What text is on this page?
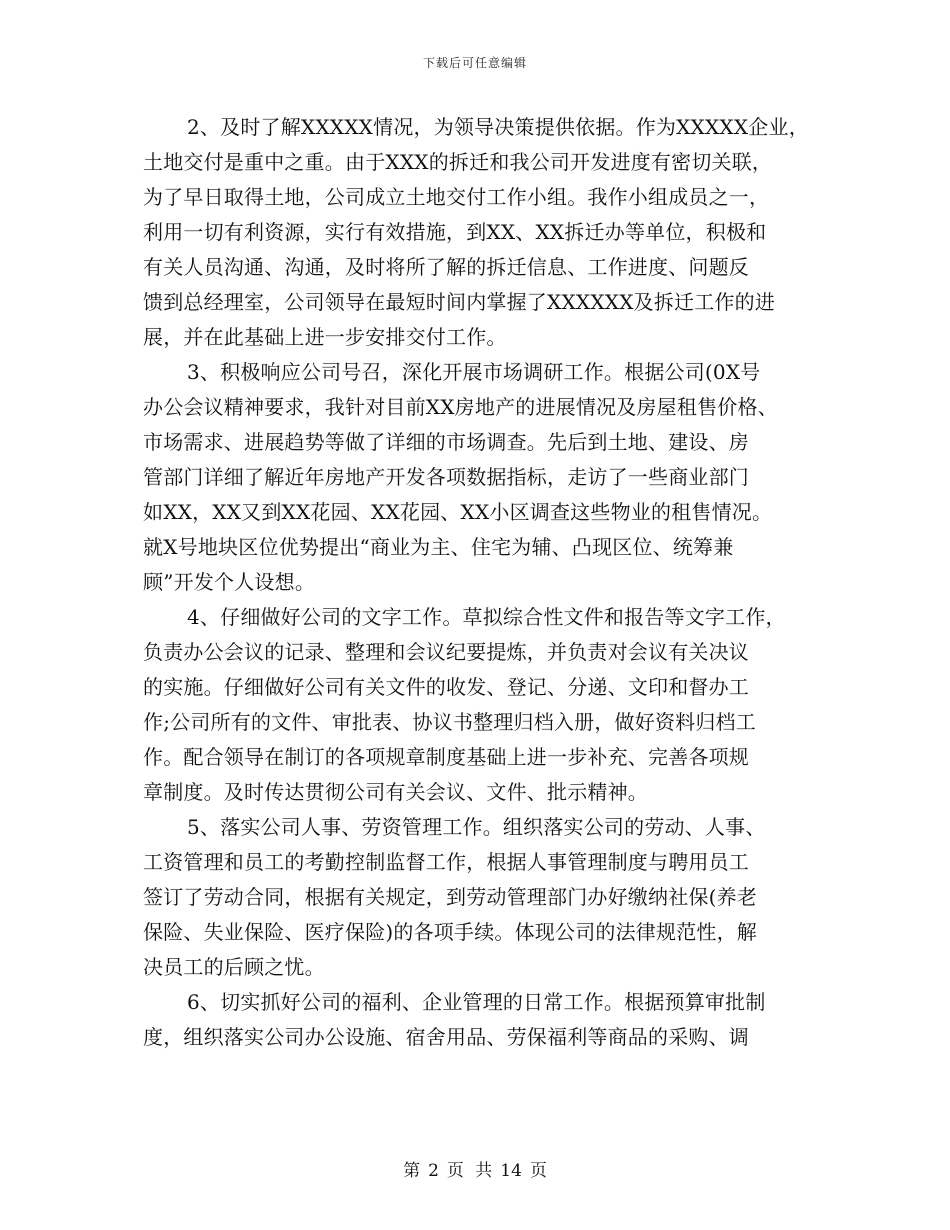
下载后可任意编辑
2、及时了解XXXXX情况，为领导决策提供依据。作为XXXXX企业，
土地交付是重中之重。由于XXX的拆迁和我公司开发进度有密切关联，
为了早日取得土地，公司成立土地交付工作小组。我作小组成员之一，
利用一切有利资源，实行有效措施，到XX、XX拆迁办等单位，积极和
有关人员沟通、沟通，及时将所了解的拆迁信息、工作进度、问题反
馈到总经理室，公司领导在最短时间内掌握了XXXXXX及拆迁工作的进
展，并在此基础上进一步安排交付工作。
3、积极响应公司号召，深化开展市场调研工作。根据公司(0X号
办公会议精神要求，我针对目前XX房地产的进展情况及房屋租售价格、
市场需求、进展趋势等做了详细的市场调查。先后到土地、建设、房
管部门详细了解近年房地产开发各项数据指标，走访了一些商业部门
如XX，XX又到XX花园、XX花园、XX小区调查这些物业的租售情况。
就X号地块区位优势提出“商业为主、住宅为辅、凸现区位、统筹兼
顾”开发个人设想。
4、仔细做好公司的文字工作。草拟综合性文件和报告等文字工作，
负责办公会议的记录、整理和会议纪要提炼，并负责对会议有关决议
的实施。仔细做好公司有关文件的收发、登记、分递、文印和督办工
作;公司所有的文件、审批表、协议书整理归档入册，做好资料归档工
作。配合领导在制订的各项规章制度基础上进一步补充、完善各项规
章制度。及时传达贯彻公司有关会议、文件、批示精神。
5、落实公司人事、劳资管理工作。组织落实公司的劳动、人事、
工资管理和员工的考勤控制监督工作，根据人事管理制度与聘用员工
签订了劳动合同，根据有关规定，到劳动管理部门办好缴纳社保(养老
保险、失业保险、医疗保险)的各项手续。体现公司的法律规范性，解
决员工的后顾之忧。
6、切实抓好公司的福利、企业管理的日常工作。根据预算审批制
度，组织落实公司办公设施、宿舍用品、劳保福利等商品的采购、调
第 2 页 共 14 页
